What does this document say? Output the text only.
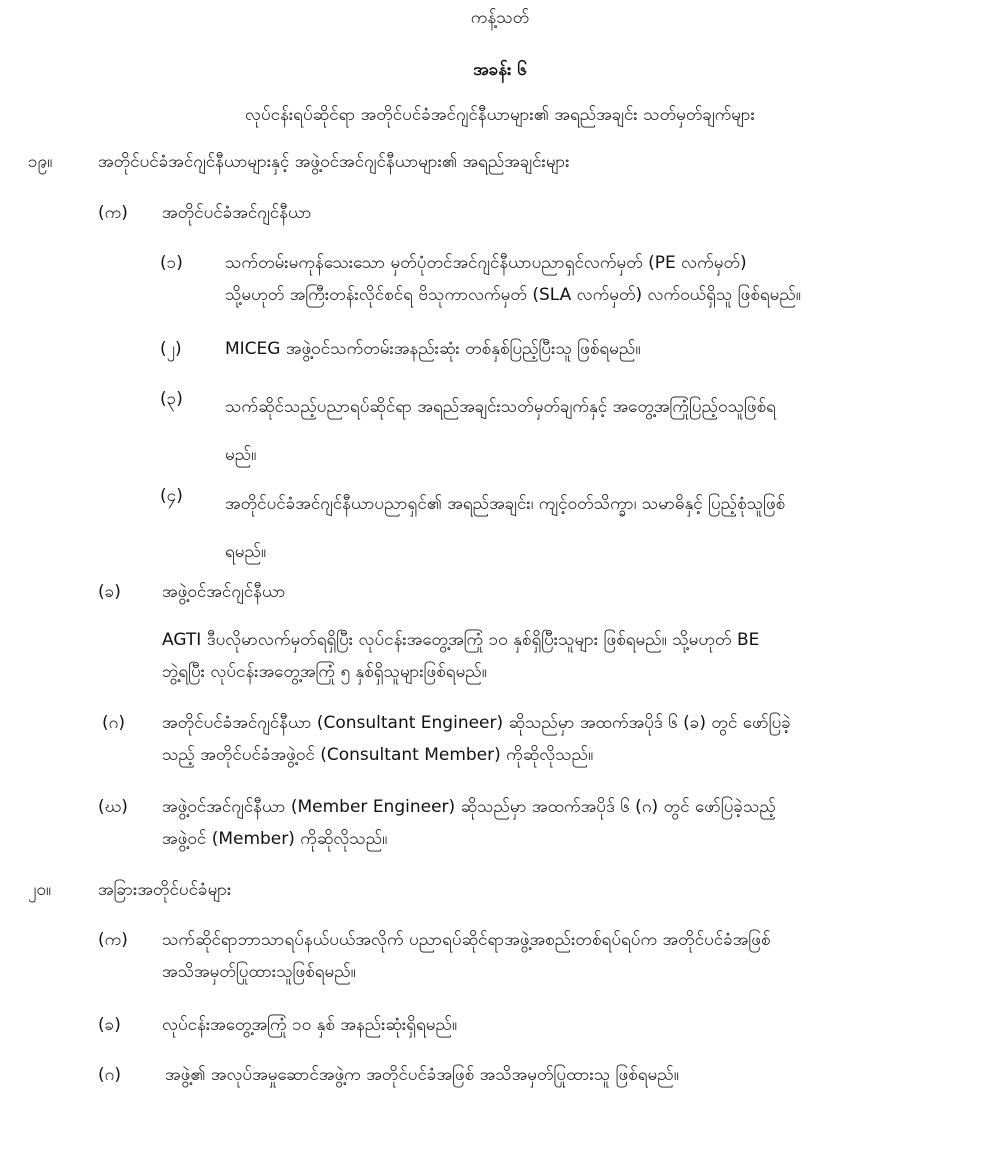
ကန့်သတ်
အခန်း ၆
လုပ်ငန်းရပ်ဆိုင်ရာ အတိုင်ပင်ခံအင်ဂျင်နီယာများ၏ အရည်အချင်း သတ်မှတ်ချက်များ
၁၉။	အတိုင်ပင်ခံအင်ဂျင်နီယာများနှင့် အဖွဲ့ဝင်အင်ဂျင်နီယာများ၏ အရည်အချင်းများ
(က) အတိုင်ပင်ခံအင်ဂျင်နီယာ
(၁) သက်တမ်းမကုန်သေးသော မှတ်ပုံတင်အင်ဂျင်နီယာပညာရှင်လက်မှတ် (PE လက်မှတ်)
သို့မဟုတ် အကြီးတန်းလိုင်စင်ရ ဗိသုကာလက်မှတ် (SLA လက်မှတ်) လက်ဝယ်ရှိသူ ဖြစ်ရမည်။
(၂)	MICEG အဖွဲ့ဝင်သက်တမ်းအနည်းဆုံး တစ်နှစ်ပြည့်ပြီးသူ ဖြစ်ရမည်။
(၃) သက်ဆိုင်သည့်ပညာရပ်ဆိုင်ရာ အရည်အချင်းသတ်မှတ်ချက်နှင့် အတွေ့အကြုံပြည့်ဝသူဖြစ်ရ
မည်။
(၄) အတိုင်ပင်ခံအင်ဂျင်နီယာပညာရှင်၏ အရည်အချင်း၊ ကျင့်ဝတ်သိက္ခာ၊ သမာဓိနှင့် ပြည့်စုံသူဖြစ်
ရမည်။
(ခ) အဖွဲ့ဝင်အင်ဂျင်နီယာ
AGTI ဒီပလိုမာလက်မှတ်ရရှိပြီး လုပ်ငန်းအတွေ့အကြုံ ၁၀ နှစ်ရှိပြီးသူများ ဖြစ်ရမည်။ သို့မဟုတ် BE
ဘွဲ့ရပြီး လုပ်ငန်းအတွေ့အကြုံ ၅ နှစ်ရှိသူများဖြစ်ရမည်။
(ဂ) အတိုင်ပင်ခံအင်ဂျင်နီယာ (Consultant Engineer) ဆိုသည်မှာ အထက်အပိုဒ် ၆ (ခ) တွင် ဖော်ပြခဲ့
သည့် အတိုင်ပင်ခံအဖွဲ့ဝင် (Consultant Member) ကိုဆိုလိုသည်။
(ဃ) အဖွဲ့ဝင်အင်ဂျင်နီယာ (Member Engineer) ဆိုသည်မှာ အထက်အပိုဒ် ၆ (ဂ) တွင် ဖော်ပြခဲ့သည့်
အဖွဲ့ဝင် (Member) ကိုဆိုလိုသည်။
၂၀။	အခြားအတိုင်ပင်ခံများ
(က) သက်ဆိုင်ရာဘာသာရပ်နယ်ပယ်အလိုက် ပညာရပ်ဆိုင်ရာအဖွဲ့အစည်းတစ်ရပ်ရပ်က အတိုင်ပင်ခံအဖြစ်
အသိအမှတ်ပြုထားသူဖြစ်ရမည်။
(ခ) လုပ်ငန်းအတွေ့အကြုံ ၁၀ နှစ် အနည်းဆုံးရှိရမည်။
(ဂ)	အဖွဲ့၏ အလုပ်အမှုဆောင်အဖွဲ့က အတိုင်ပင်ခံအဖြစ် အသိအမှတ်ပြုထားသူ ဖြစ်ရမည်။
